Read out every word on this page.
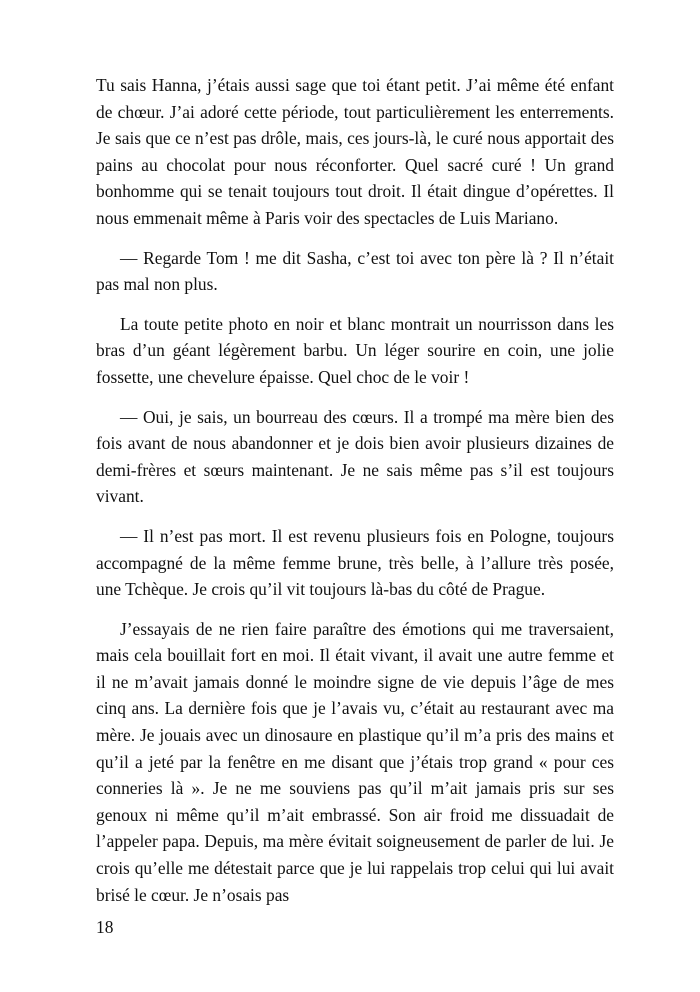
Tu sais Hanna, j’étais aussi sage que toi étant petit. J’ai même été enfant de chœur. J’ai adoré cette période, tout particulièrement les enterrements. Je sais que ce n’est pas drôle, mais, ces jours-là, le curé nous apportait des pains au chocolat pour nous réconforter. Quel sacré curé ! Un grand bonhomme qui se tenait toujours tout droit. Il était dingue d’opérettes. Il nous emmenait même à Paris voir des spectacles de Luis Mariano.

— Regarde Tom ! me dit Sasha, c’est toi avec ton père là ? Il n’était pas mal non plus.

La toute petite photo en noir et blanc montrait un nourrisson dans les bras d’un géant légèrement barbu. Un léger sourire en coin, une jolie fossette, une chevelure épaisse. Quel choc de le voir !

— Oui, je sais, un bourreau des cœurs. Il a trompé ma mère bien des fois avant de nous abandonner et je dois bien avoir plusieurs dizaines de demi-frères et sœurs maintenant. Je ne sais même pas s’il est toujours vivant.

— Il n’est pas mort. Il est revenu plusieurs fois en Pologne, toujours accompagné de la même femme brune, très belle, à l’allure très posée, une Tchèque. Je crois qu’il vit toujours là-bas du côté de Prague.

J’essayais de ne rien faire paraître des émotions qui me traversaient, mais cela bouillait fort en moi. Il était vivant, il avait une autre femme et il ne m’avait jamais donné le moindre signe de vie depuis l’âge de mes cinq ans. La dernière fois que je l’avais vu, c’était au restaurant avec ma mère. Je jouais avec un dinosaure en plastique qu’il m’a pris des mains et qu’il a jeté par la fenêtre en me disant que j’étais trop grand « pour ces conneries là ». Je ne me souviens pas qu’il m’ait jamais pris sur ses genoux ni même qu’il m’ait embrassé. Son air froid me dissuadait de l’appeler papa. Depuis, ma mère évitait soigneusement de parler de lui. Je crois qu’elle me détestait parce que je lui rappelais trop celui qui lui avait brisé le cœur. Je n’osais pas

18
